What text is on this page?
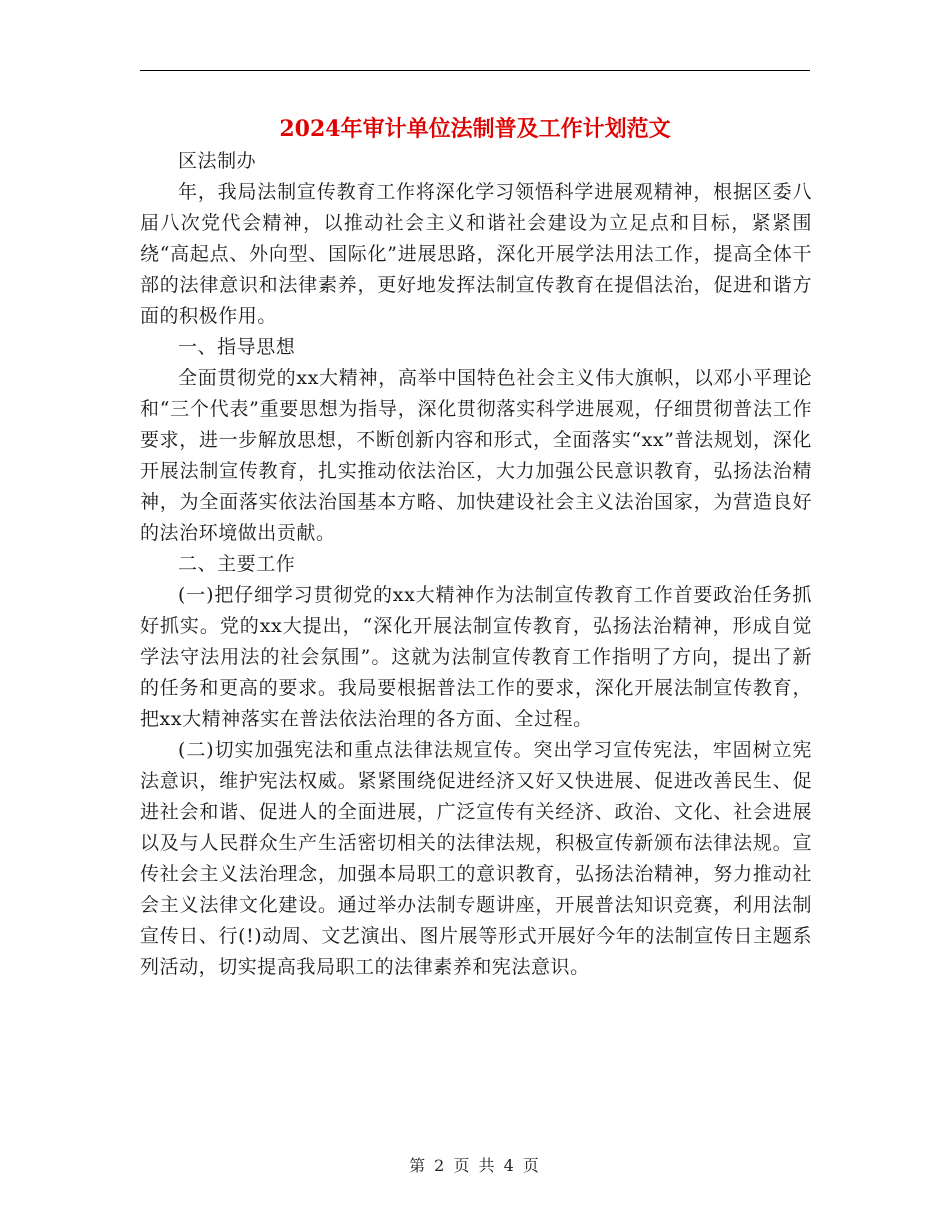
2024年审计单位法制普及工作计划范文

区法制办

年，我局法制宣传教育工作将深化学习领悟科学进展观精神，根据区委八届八次党代会精神，以推动社会主义和谐社会建设为立足点和目标，紧紧围绕“高起点、外向型、国际化”进展思路，深化开展学法用法工作，提高全体干部的法律意识和法律素养，更好地发挥法制宣传教育在提倡法治，促进和谐方面的积极作用。

一、指导思想

全面贯彻党的xx大精神，高举中国特色社会主义伟大旗帜，以邓小平理论和“三个代表”重要思想为指导，深化贯彻落实科学进展观，仔细贯彻普法工作要求，进一步解放思想，不断创新内容和形式，全面落实“xx”普法规划，深化开展法制宣传教育，扎实推动依法治区，大力加强公民意识教育，弘扬法治精神，为全面落实依法治国基本方略、加快建设社会主义法治国家，为营造良好的法治环境做出贡献。

二、主要工作

(一)把仔细学习贯彻党的xx大精神作为法制宣传教育工作首要政治任务抓好抓实。党的xx大提出，“深化开展法制宣传教育，弘扬法治精神，形成自觉学法守法用法的社会氛围”。这就为法制宣传教育工作指明了方向，提出了新的任务和更高的要求。我局要根据普法工作的要求，深化开展法制宣传教育，把xx大精神落实在普法依法治理的各方面、全过程。

(二)切实加强宪法和重点法律法规宣传。突出学习宣传宪法，牢固树立宪法意识，维护宪法权威。紧紧围绕促进经济又好又快进展、促进改善民生、促进社会和谐、促进人的全面进展，广泛宣传有关经济、政治、文化、社会进展以及与人民群众生产生活密切相关的法律法规，积极宣传新颁布法律法规。宣传社会主义法治理念，加强本局职工的意识教育，弘扬法治精神，努力推动社会主义法律文化建设。通过举办法制专题讲座，开展普法知识竞赛，利用法制宣传日、行(!)动周、文艺演出、图片展等形式开展好今年的法制宣传日主题系列活动，切实提高我局职工的法律素养和宪法意识。

第 2 页 共 4 页
